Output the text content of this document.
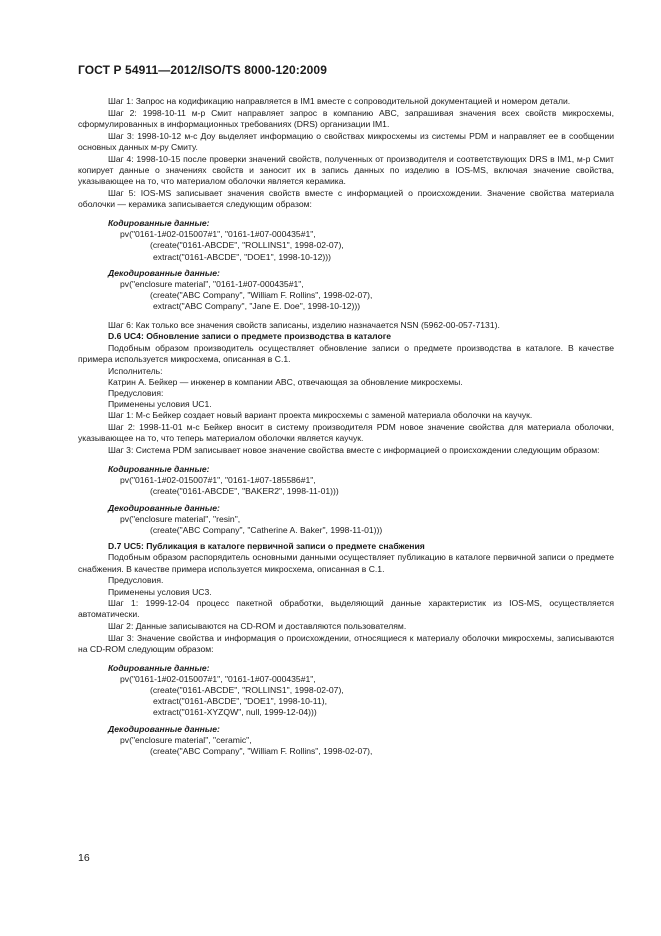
ГОСТ Р 54911—2012/ISO/TS 8000-120:2009
Шаг 1: Запрос на кодификацию направляется в IM1 вместе с сопроводительной документацией и номером детали.
Шаг 2: 1998-10-11 м-р Смит направляет запрос в компанию ABC, запрашивая значения всех свойств микросхемы, сформулированных в информационных требованиях (DRS) организации IM1.
Шаг 3: 1998-10-12 м-с Доу выделяет информацию о свойствах микросхемы из системы PDM и направляет ее в сообщении основных данных м-ру Смиту.
Шаг 4: 1998-10-15 после проверки значений свойств, полученных от производителя и соответствующих DRS в IM1, м-р Смит копирует данные о значениях свойств и заносит их в запись данных по изделию в IOS-MS, включая значение свойства, указывающее на то, что материалом оболочки является керамика.
Шаг 5: IOS-MS записывает значения свойств вместе с информацией о происхождении. Значение свойства материала оболочки — керамика записывается следующим образом:
Кодированные данные:
pv("0161-1#02-015007#1", "0161-1#07-000435#1",
(create("0161-ABCDE", "ROLLINS1", 1998-02-07),
extract("0161-ABCDE", "DOE1", 1998-10-12)))
Декодированные данные:
pv("enclosure material", "0161-1#07-000435#1",
(create("ABC Company", "William F. Rollins", 1998-02-07),
extract("ABC Company", "Jane E. Doe", 1998-10-12)))
Шаг 6: Как только все значения свойств записаны, изделию назначается NSN (5962-00-057-7131).
D.6 UC4: Обновление записи о предмете производства в каталоге
Подобным образом производитель осуществляет обновление записи о предмете производства в каталоге. В качестве примера используется микросхема, описанная в С.1.
Исполнитель:
Катрин А. Бейкер — инженер в компании ABC, отвечающая за обновление микросхемы.
Предусловия:
Применены условия UC1.
Шаг 1: М-с Бейкер создает новый вариант проекта микросхемы с заменой материала оболочки на каучук.
Шаг 2: 1998-11-01 м-с Бейкер вносит в систему производителя PDM новое значение свойства для материала оболочки, указывающее на то, что теперь материалом оболочки является каучук.
Шаг 3: Система PDM записывает новое значение свойства вместе с информацией о происхождении следующим образом:
Кодированные данные:
pv("0161-1#02-015007#1", "0161-1#07-185586#1",
(create("0161-ABCDE", "BAKER2", 1998-11-01)))
Декодированные данные:
pv("enclosure material", "resin",
(create("ABC Company", "Catherine A. Baker", 1998-11-01)))
D.7 UC5: Публикация в каталоге первичной записи о предмете снабжения
Подобным образом распорядитель основными данными осуществляет публикацию в каталоге первичной записи о предмете снабжения. В качестве примера используется микросхема, описанная в С.1.
Предусловия.
Применены условия UC3.
Шаг 1: 1999-12-04 процесс пакетной обработки, выделяющий данные характеристик из IOS-MS, осуществляется автоматически.
Шаг 2: Данные записываются на CD-ROM и доставляются пользователям.
Шаг 3: Значение свойства и информация о происхождении, относящиеся к материалу оболочки микросхемы, записываются на CD-ROM следующим образом:
Кодированные данные:
pv("0161-1#02-015007#1", "0161-1#07-000435#1",
(create("0161-ABCDE", "ROLLINS1", 1998-02-07),
extract("0161-ABCDE", "DOE1", 1998-10-11),
extract("0161-XYZQW", null, 1999-12-04)))
Декодированные данные:
pv("enclosure material", "ceramic",
(create("ABC Company", "William F. Rollins", 1998-02-07),
16
